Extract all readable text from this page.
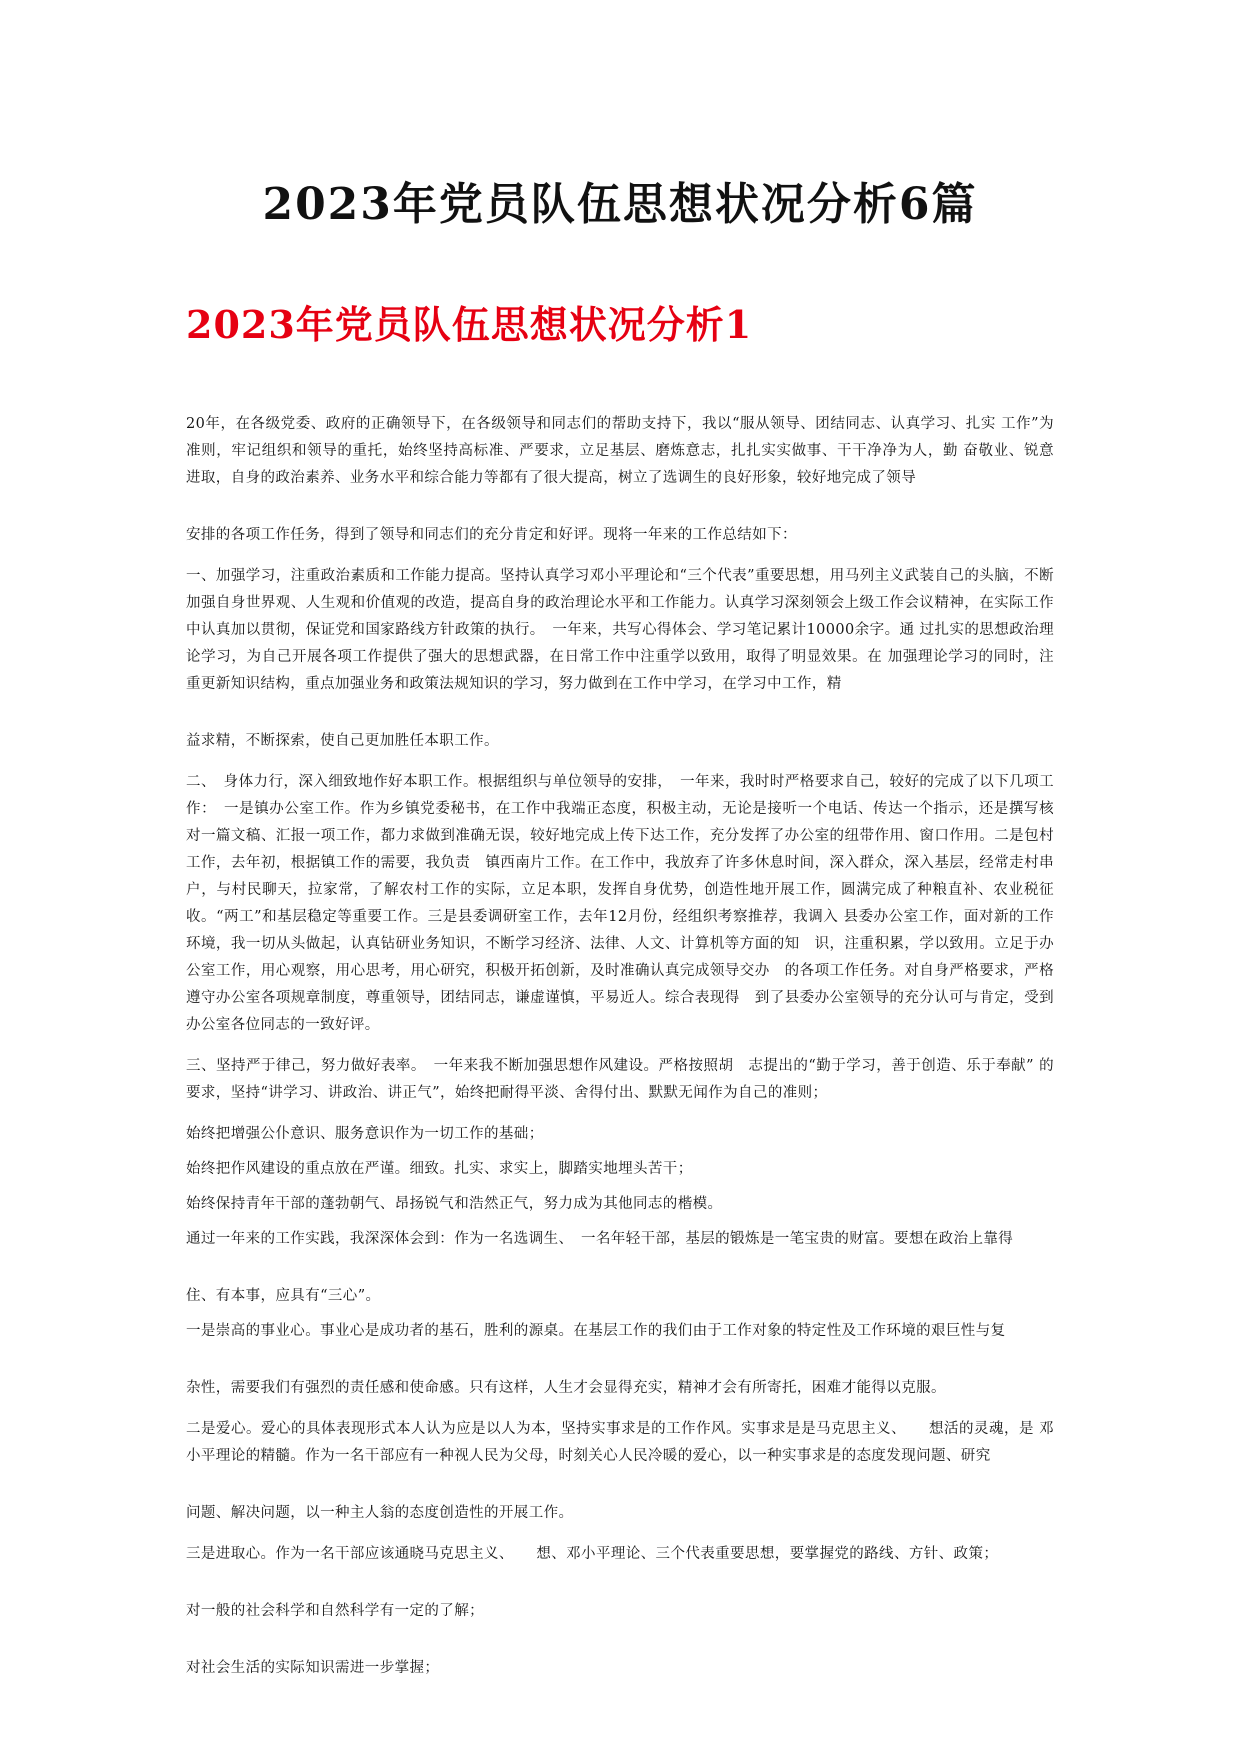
2023年党员队伍思想状况分析6篇
2023年党员队伍思想状况分析1

20年，在各级党委、政府的正确领导下，在各级领导和同志们的帮助支持下，我以“服从领导、团结同志、认真学习、扎实 工作”为准则，牢记组织和领导的重托，始终坚持高标准、严要求，立足基层、磨炼意志，扎扎实实做事、干干净净为人，勤 奋敬业、锐意进取，自身的政治素养、业务水平和综合能力等都有了很大提高，树立了选调生的良好形象，较好地完成了领导

安排的各项工作任务，得到了领导和同志们的充分肯定和好评。现将一年来的工作总结如下：

一、加强学习，注重政治素质和工作能力提高。坚持认真学习邓小平理论和“三个代表”重要思想，用马列主义武装自己的头脑，不断加强自身世界观、人生观和价值观的改造，提高自身的政治理论水平和工作能力。认真学习深刻领会上级工作会议精神，在实际工作中认真加以贯彻，保证党和国家路线方针政策的执行。　一年来，共写心得体会、学习笔记累计10000余字。通 过扎实的思想政治理论学习，为自己开展各项工作提供了强大的思想武器，在日常工作中注重学以致用，取得了明显效果。在 加强理论学习的同时，注重更新知识结构，重点加强业务和政策法规知识的学习，努力做到在工作中学习，在学习中工作，精

益求精，不断探索，使自己更加胜任本职工作。

二、　身体力行，深入细致地作好本职工作。根据组织与单位领导的安排，　一年来，我时时严格要求自己，较好的完成了以下几项工作：　一是镇办公室工作。作为乡镇党委秘书，在工作中我端正态度，积极主动，无论是接听一个电话、传达一个指示，还是撰写核对一篇文稿、汇报一项工作，都力求做到准确无误，较好地完成上传下达工作，充分发挥了办公室的纽带作用、窗口作用。二是包村工作，去年初，根据镇工作的需要，我负责　镇西南片工作。在工作中，我放弃了许多休息时间，深入群众，深入基层，经常走村串户，与村民聊天，拉家常，了解农村工作的实际，立足本职，发挥自身优势，创造性地开展工作，圆满完成了种粮直补、农业税征收。“两工”和基层稳定等重要工作。三是县委调研室工作，去年12月份，经组织考察推荐，我调入 县委办公室工作，面对新的工作环境，我一切从头做起，认真钻研业务知识，不断学习经济、法律、人文、计算机等方面的知　识，注重积累，学以致用。立足于办公室工作，用心观察，用心思考，用心研究，积极开拓创新，及时准确认真完成领导交办　的各项工作任务。对自身严格要求，严格遵守办公室各项规章制度，尊重领导，团结同志，谦虚谨慎，平易近人。综合表现得　到了县委办公室领导的充分认可与肯定，受到办公室各位同志的一致好评。

三、坚持严于律己，努力做好表率。　一年来我不断加强思想作风建设。严格按照胡　志提出的“勤于学习，善于创造、乐于奉献” 的要求，坚持“讲学习、讲政治、讲正气”，始终把耐得平淡、舍得付出、默默无闻作为自己的准则；

始终把增强公仆意识、服务意识作为一切工作的基础；

始终把作风建设的重点放在严谨。细致。扎实、求实上，脚踏实地埋头苦干；

始终保持青年干部的蓬勃朝气、昂扬锐气和浩然正气，努力成为其他同志的楷模。

通过一年来的工作实践，我深深体会到：作为一名选调生、　一名年轻干部，基层的锻炼是一笔宝贵的财富。要想在政治上靠得

住、有本事，应具有“三心”。

一是崇高的事业心。事业心是成功者的基石，胜利的源桌。在基层工作的我们由于工作对象的特定性及工作环境的艰巨性与复

杂性，需要我们有强烈的责任感和使命感。只有这样，人生才会显得充实，精神才会有所寄托，困难才能得以克服。

二是爱心。爱心的具体表现形式本人认为应是以人为本，坚持实事求是的工作作风。实事求是是马克思主义、　　想活的灵魂，是 邓小平理论的精髓。作为一名干部应有一种视人民为父母，时刻关心人民冷暖的爱心，以一种实事求是的态度发现问题、研究

问题、解决问题，以一种主人翁的态度创造性的开展工作。

三是进取心。作为一名干部应该通晓马克思主义、　　想、邓小平理论、三个代表重要思想，要掌握党的路线、方针、政策；

对一般的社会科学和自然科学有一定的了解；

对社会生活的实际知识需进一步掌握；
